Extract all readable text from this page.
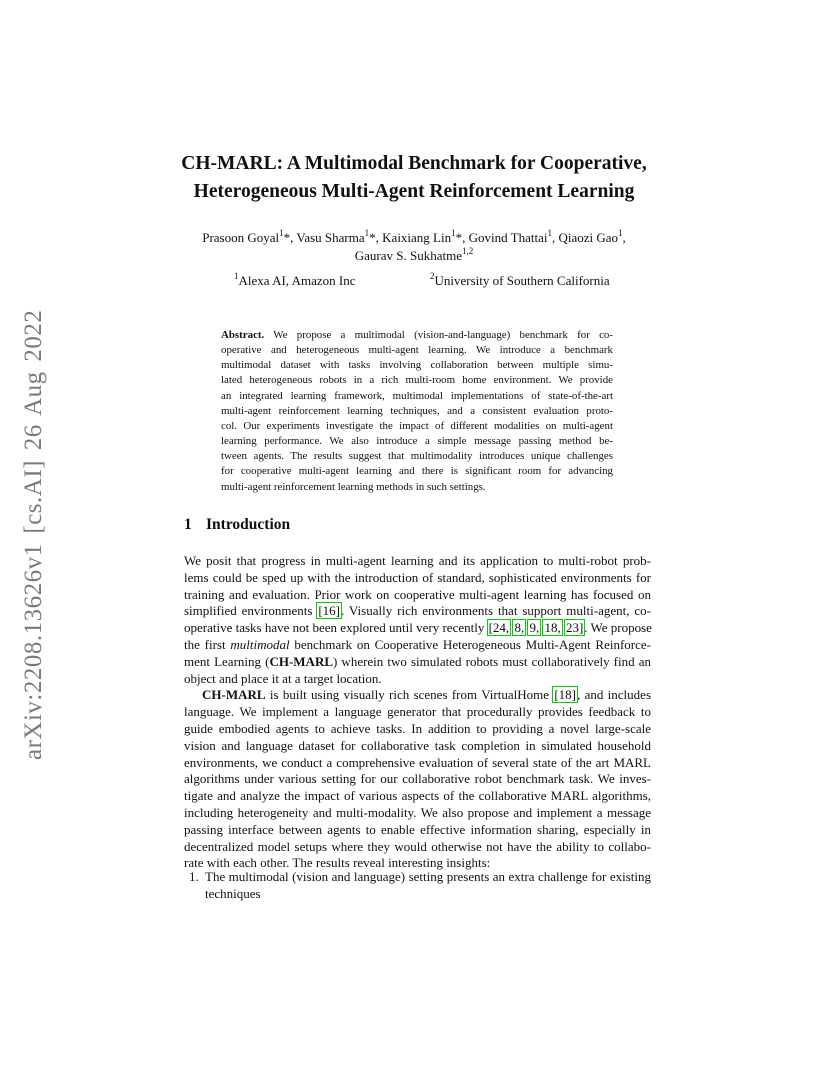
arXiv:2208.13626v1 [cs.AI] 26 Aug 2022
CH-MARL: A Multimodal Benchmark for Cooperative,
Heterogeneous Multi-Agent Reinforcement Learning
Prasoon Goyal$^1$*, Vasu Sharma$^1$*, Kaixiang Lin$^1$*, Govind Thattai$^1$, Qiaozi Gao$^1$,
Gaurav S. Sukhatme$^{1,2}$
$^1$Alexa AI, Amazon Inc	$^2$University of Southern California
Abstract. We propose a multimodal (vision-and-language) benchmark for co-
operative and heterogeneous multi-agent learning. We introduce a benchmark
multimodal dataset with tasks involving collaboration between multiple simu-
lated heterogeneous robots in a rich multi-room home environment. We provide
an integrated learning framework, multimodal implementations of state-of-the-art
multi-agent reinforcement learning techniques, and a consistent evaluation proto-
col. Our experiments investigate the impact of different modalities on multi-agent
learning performance. We also introduce a simple message passing method be-
tween agents. The results suggest that multimodality introduces unique challenges
for cooperative multi-agent learning and there is significant room for advancing
multi-agent reinforcement learning methods in such settings.
1 Introduction
We posit that progress in multi-agent learning and its application to multi-robot prob-
lems could be sped up with the introduction of standard, sophisticated environments for
training and evaluation. Prior work on cooperative multi-agent learning has focused on
simplified environments [16]. Visually rich environments that support multi-agent, co-
operative tasks have not been explored until very recently [24, 8, 9, 18, 23]. We propose
the first multimodal benchmark on Cooperative Heterogeneous Multi-Agent Reinforce-
ment Learning (CH-MARL) wherein two simulated robots must collaboratively find an
object and place it at a target location.
CH-MARL is built using visually rich scenes from VirtualHome [18], and includes
language. We implement a language generator that procedurally provides feedback to
guide embodied agents to achieve tasks. In addition to providing a novel large-scale
vision and language dataset for collaborative task completion in simulated household
environments, we conduct a comprehensive evaluation of several state of the art MARL
algorithms under various setting for our collaborative robot benchmark task. We inves-
tigate and analyze the impact of various aspects of the collaborative MARL algorithms,
including heterogeneity and multi-modality. We also propose and implement a message
passing interface between agents to enable effective information sharing, especially in
decentralized model setups where they would otherwise not have the ability to collabo-
rate with each other. The results reveal interesting insights:
1. The multimodal (vision and language) setting presents an extra challenge for existing
techniques
